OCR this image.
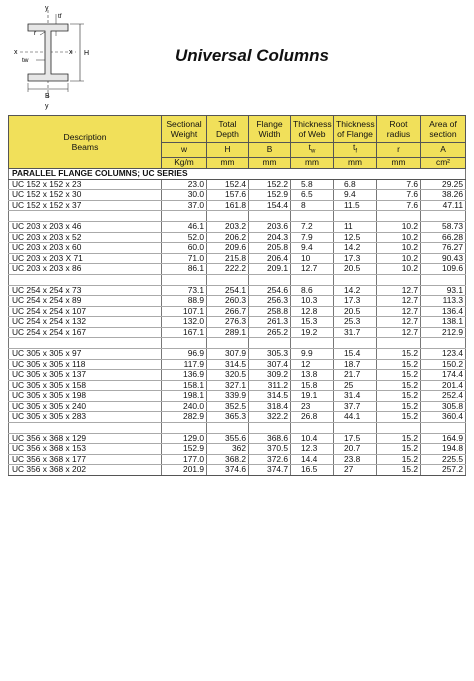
y
tf
r
x	x H
tw
B
y
Universal Columns
Description
Beams	Sectional Weight	Total Depth	Flange Width	Thickness of Web	Thickness of Flange	Root radius	Area of section
	w	H	B	$t_w$	$t_f$	r	A
	Kg/m	mm	mm	mm	mm	mm	cm²
PARALLEL FLANGE COLUMNS; UC SERIES							
UC 152 x 152 x 23	23.0	152.4	152.2	5.8	6.8	7.6	29.25
UC 152 x 152 x 30	30.0	157.6	152.9	6.5	9.4	7.6	38.26
UC 152 x 152 x 37	37.0	161.8	154.4	8	11.5	7.6	47.11

UC 203 x 203 x 46	46.1	203.2	203.6	7.2	11	10.2	58.73
UC 203 x 203 x 52	52.0	206.2	204.3	7.9	12.5	10.2	66.28
UC 203 x 203 x 60	60.0	209.6	205.8	9.4	14.2	10.2	76.27
UC 203 x 203 X 71	71.0	215.8	206.4	10	17.3	10.2	90.43
UC 203 x 203 x 86	86.1	222.2	209.1	12.7	20.5	10.2	109.6

UC 254 x 254 x 73	73.1	254.1	254.6	8.6	14.2	12.7	93.1
UC 254 x 254 x 89	88.9	260.3	256.3	10.3	17.3	12.7	113.3
UC 254 x 254 x 107	107.1	266.7	258.8	12.8	20.5	12.7	136.4
UC 254 x 254 x 132	132.0	276.3	261.3	15.3	25.3	12.7	138.1
UC 254 x 254 x 167	167.1	289.1	265.2	19.2	31.7	12.7	212.9

UC 305 x 305 x 97	96.9	307.9	305.3	9.9	15.4	15.2	123.4
UC 305 x 305 x 118	117.9	314.5	307.4	12	18.7	15.2	150.2
UC 305 x 305 x 137	136.9	320.5	309.2	13.8	21.7	15.2	174.4
UC 305 x 305 x 158	158.1	327.1	311.2	15.8	25	15.2	201.4
UC 305 x 305 x 198	198.1	339.9	314.5	19.1	31.4	15.2	252.4
UC 305 x 305 x 240	240.0	352.5	318.4	23	37.7	15.2	305.8
UC 305 x 305 x 283	282.9	365.3	322.2	26.8	44.1	15.2	360.4

UC 356 x 368 x 129	129.0	355.6	368.6	10.4	17.5	15.2	164.9
UC 356 x 368 x 153	152.9	362	370.5	12.3	20.7	15.2	194.8
UC 356 x 368 x 177	177.0	368.2	372.6	14.4	23.8	15.2	225.5
UC 356 x 368 x 202	201.9	374.6	374.7	16.5	27	15.2	257.2
